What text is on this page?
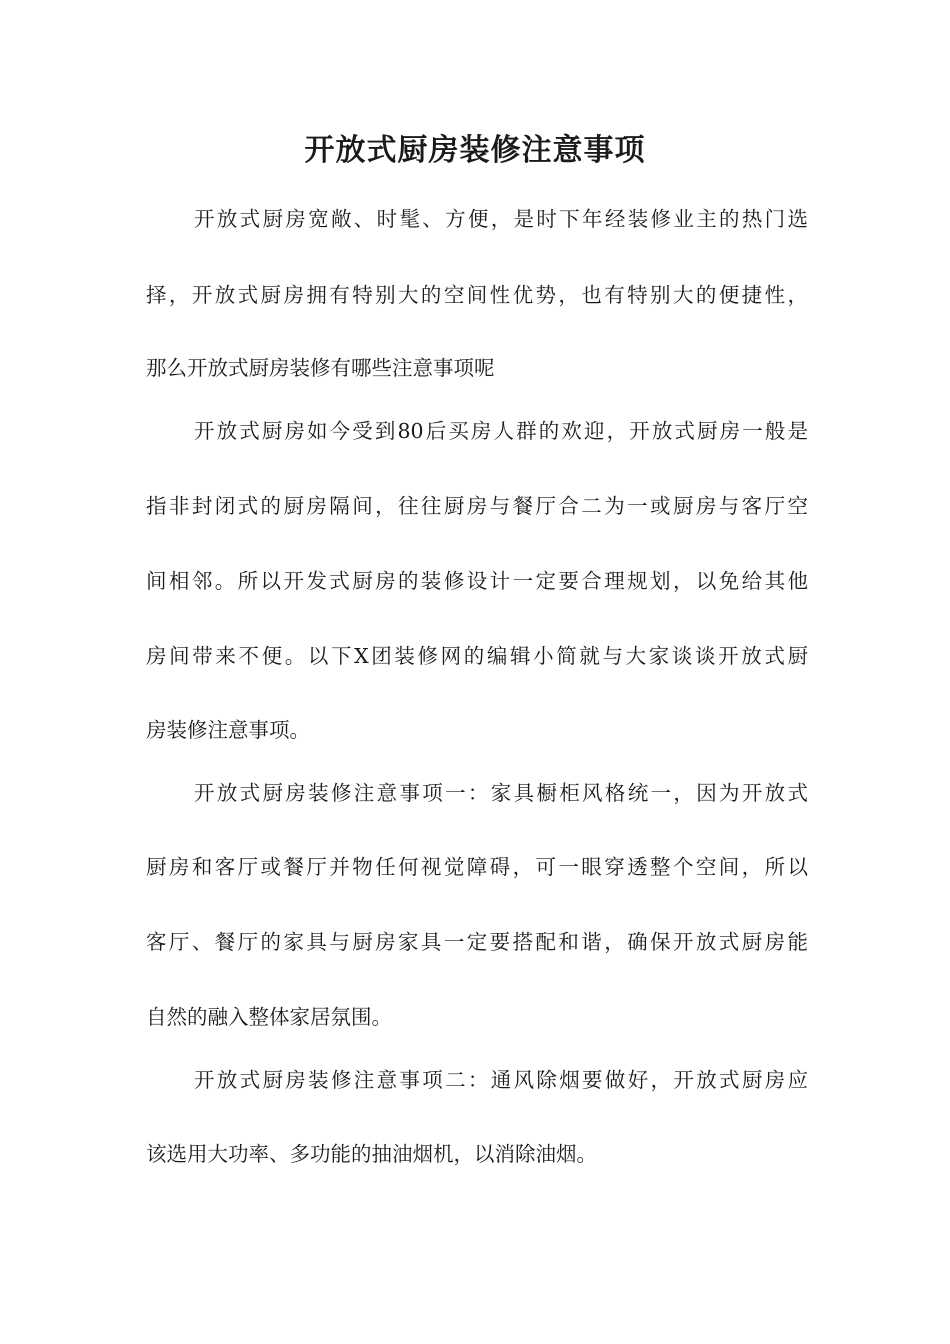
开放式厨房装修注意事项
开放式厨房宽敞、时髦、方便，是时下年经装修业主的热门选
择，开放式厨房拥有特别大的空间性优势，也有特别大的便捷性，
那么开放式厨房装修有哪些注意事项呢
开放式厨房如今受到80后买房人群的欢迎，开放式厨房一般是
指非封闭式的厨房隔间，往往厨房与餐厅合二为一或厨房与客厅空
间相邻。所以开发式厨房的装修设计一定要合理规划，以免给其他
房间带来不便。以下X团装修网的编辑小简就与大家谈谈开放式厨
房装修注意事项。
开放式厨房装修注意事项一：家具橱柜风格统一，因为开放式
厨房和客厅或餐厅并物任何视觉障碍，可一眼穿透整个空间，所以
客厅、餐厅的家具与厨房家具一定要搭配和谐，确保开放式厨房能
自然的融入整体家居氛围。
开放式厨房装修注意事项二：通风除烟要做好，开放式厨房应
该选用大功率、多功能的抽油烟机，以消除油烟。
